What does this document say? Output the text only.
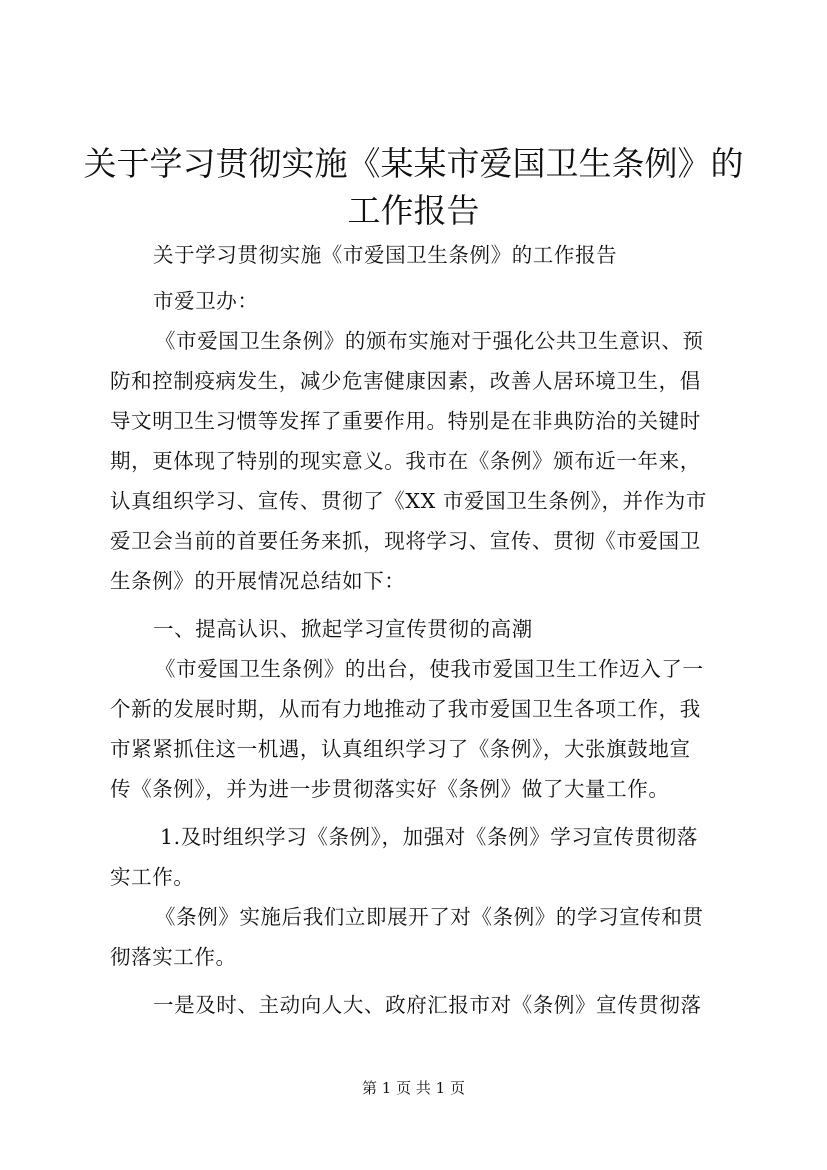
关于学习贯彻实施《某某市爱国卫生条例》的
工作报告
关于学习贯彻实施《市爱国卫生条例》的工作报告
市爱卫办：
《市爱国卫生条例》的颁布实施对于强化公共卫生意识、预
防和控制疫病发生，减少危害健康因素，改善人居环境卫生，倡
导文明卫生习惯等发挥了重要作用。特别是在非典防治的关键时
期，更体现了特别的现实意义。我市在《条例》颁布近一年来，
认真组织学习、宣传、贯彻了《XX 市爱国卫生条例》，并作为市
爱卫会当前的首要任务来抓，现将学习、宣传、贯彻《市爱国卫
生条例》的开展情况总结如下：
一、提高认识、掀起学习宣传贯彻的高潮
《市爱国卫生条例》的出台，使我市爱国卫生工作迈入了一
个新的发展时期，从而有力地推动了我市爱国卫生各项工作，我
市紧紧抓住这一机遇，认真组织学习了《条例》，大张旗鼓地宣
传《条例》，并为进一步贯彻落实好《条例》做了大量工作。
1.及时组织学习《条例》，加强对《条例》学习宣传贯彻落
实工作。
《条例》实施后我们立即展开了对《条例》的学习宣传和贯
彻落实工作。
一是及时、主动向人大、政府汇报市对《条例》宣传贯彻落
第 1 页 共 1 页
